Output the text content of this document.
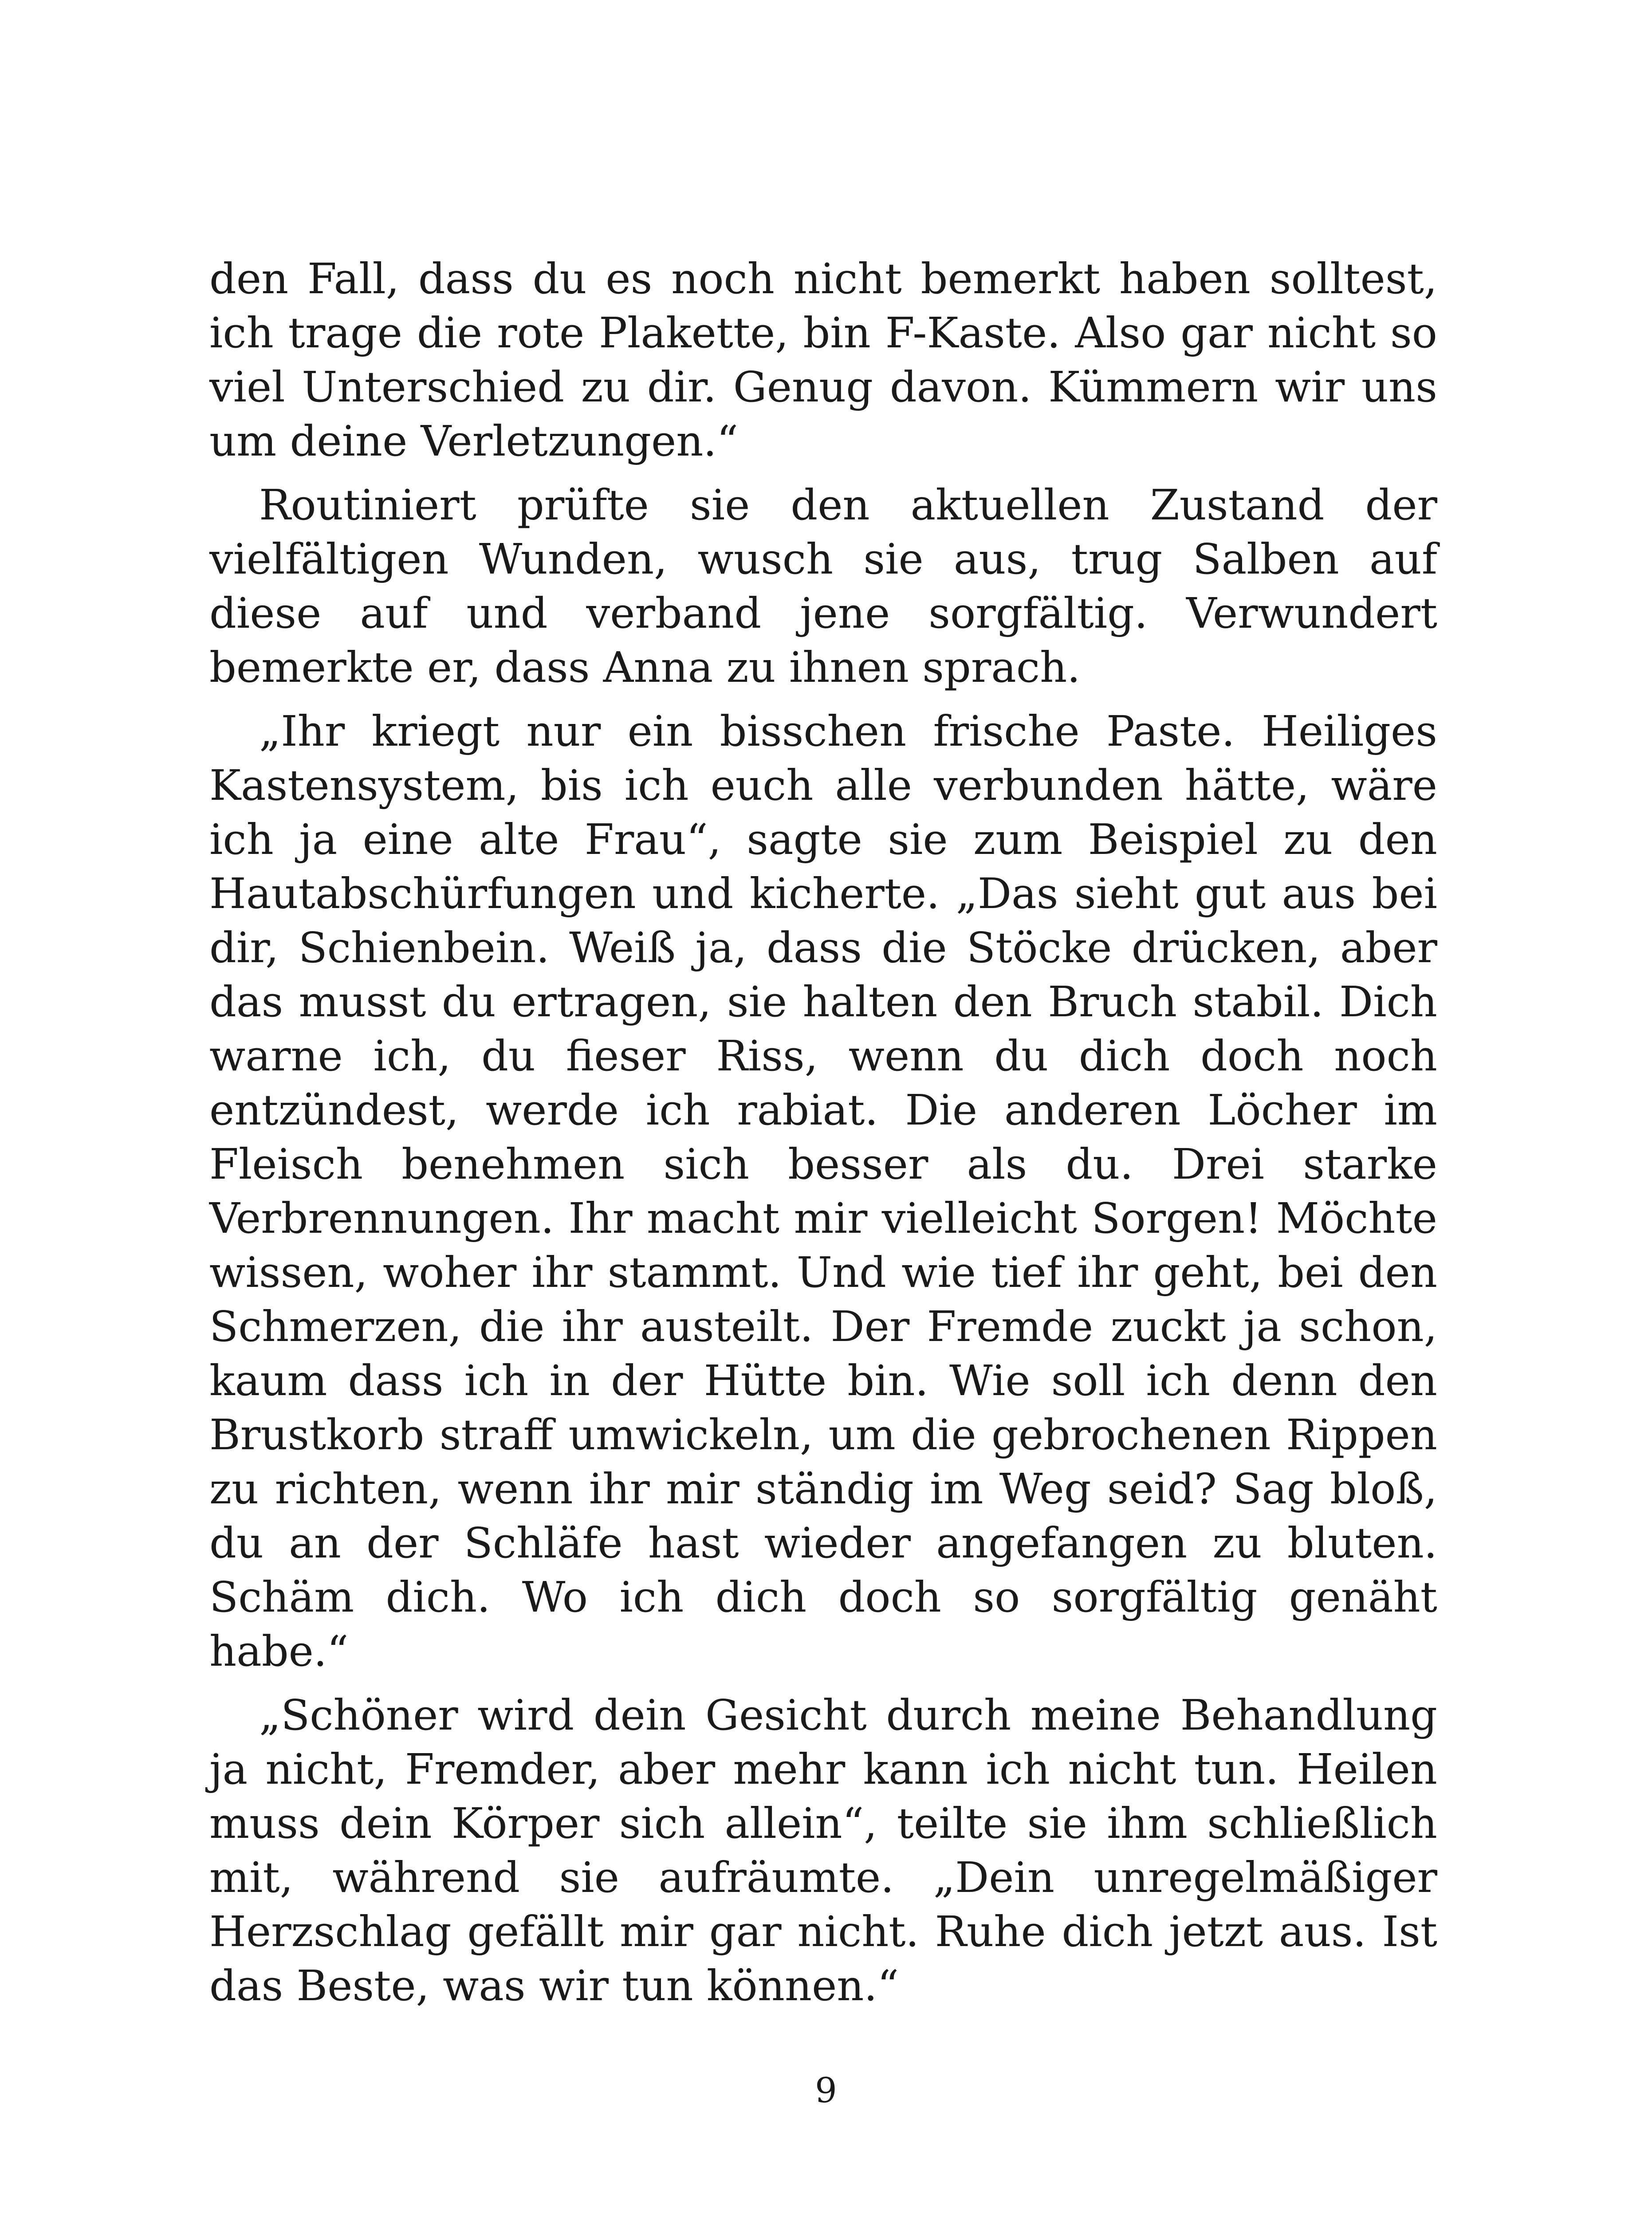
den Fall, dass du es noch nicht bemerkt haben solltest, ich trage die rote Plakette, bin F-Kaste. Also gar nicht so viel Unterschied zu dir. Genug davon. Kümmern wir uns um deine Verletzungen.“

Routiniert prüfte sie den aktuellen Zustand der vielfältigen Wunden, wusch sie aus, trug Salben auf diese auf und verband jene sorgfältig. Verwundert bemerkte er, dass Anna zu ihnen sprach.

„Ihr kriegt nur ein bisschen frische Paste. Heiliges Kastensystem, bis ich euch alle verbunden hätte, wäre ich ja eine alte Frau“, sagte sie zum Beispiel zu den Hautabschürfungen und kicherte. „Das sieht gut aus bei dir, Schienbein. Weiß ja, dass die Stöcke drücken, aber das musst du ertragen, sie halten den Bruch stabil. Dich warne ich, du fieser Riss, wenn du dich doch noch entzündest, werde ich rabiat. Die anderen Löcher im Fleisch benehmen sich besser als du. Drei starke Verbrennungen. Ihr macht mir vielleicht Sorgen! Möchte wissen, woher ihr stammt. Und wie tief ihr geht, bei den Schmerzen, die ihr austeilt. Der Fremde zuckt ja schon, kaum dass ich in der Hütte bin. Wie soll ich denn den Brustkorb straff umwickeln, um die gebrochenen Rippen zu richten, wenn ihr mir ständig im Weg seid? Sag bloß, du an der Schläfe hast wieder angefangen zu bluten. Schäm dich. Wo ich dich doch so sorgfältig genäht habe.“

„Schöner wird dein Gesicht durch meine Behandlung ja nicht, Fremder, aber mehr kann ich nicht tun. Heilen muss dein Körper sich allein“, teilte sie ihm schließlich mit, während sie aufräumte. „Dein unregelmäßiger Herzschlag gefällt mir gar nicht. Ruhe dich jetzt aus. Ist das Beste, was wir tun können.“

9
